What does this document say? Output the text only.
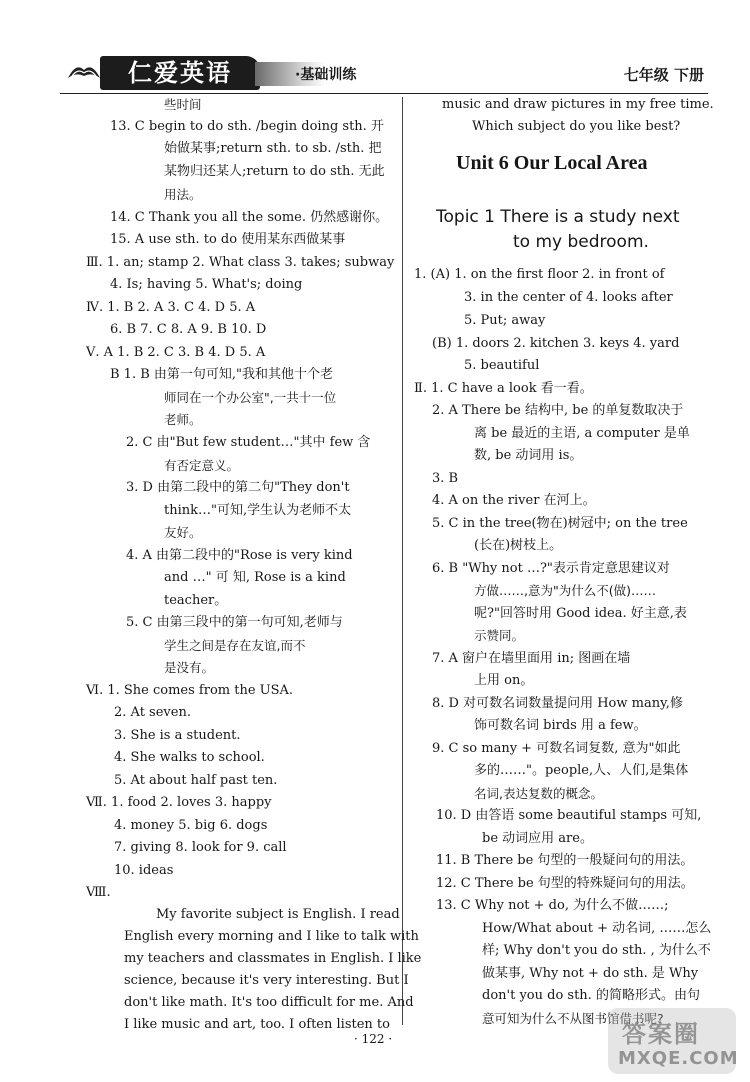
仁爱英语	·基础训练	七年级 下册
些时间
13. C begin to do sth. /begin doing sth. 开
始做某事;return sth. to sb. /sth. 把
某物归还某人;return to do sth. 无此
用法。
14. C Thank you all the some. 仍然感谢你。
15. A use sth. to do 使用某东西做某事
Ⅲ. 1. an; stamp 2. What class 3. takes; subway
4. Is; having 5. What's; doing
Ⅳ. 1. B 2. A 3. C 4. D 5. A
6. B 7. C 8. A 9. B 10. D
Ⅴ. A 1. B 2. C 3. B 4. D 5. A
B 1. B 由第一句可知,"我和其他十个老
师同在一个办公室",一共十一位
老师。
2. C 由"But few student…"其中 few 含
有否定意义。
3. D 由第二段中的第二句"They don't
think…"可知,学生认为老师不太
友好。
4. A 由第二段中的"Rose is very kind
and …" 可 知, Rose is a kind
teacher。
5. C 由第三段中的第一句可知,老师与
学生之间是存在友谊,而不
是没有。
Ⅵ. 1. She comes from the USA.
2. At seven.
3. She is a student.
4. She walks to school.
5. At about half past ten.
Ⅶ. 1. food 2. loves 3. happy
4. money 5. big 6. dogs
7. giving 8. look for 9. call
10. ideas
Ⅷ.
My favorite subject is English. I read
English every morning and I like to talk with
my teachers and classmates in English. I like
science, because it's very interesting. But I
don't like math. It's too difficult for me. And
I like music and art, too. I often listen to
music and draw pictures in my free time.
Which subject do you like best?
Unit 6 Our Local Area
Topic 1 There is a study next
to my bedroom.
1. (A) 1. on the first floor 2. in front of
3. in the center of 4. looks after
5. Put; away
(B) 1. doors 2. kitchen 3. keys 4. yard
5. beautiful
Ⅱ. 1. C have a look 看一看。
2. A There be 结构中, be 的单复数取决于
离 be 最近的主语, a computer 是单
数, be 动词用 is。
3. B
4. A on the river 在河上。
5. C in the tree(物在)树冠中; on the tree
(长在)树枝上。
6. B "Why not …?"表示肯定意思建议对
方做……,意为"为什么不(做)……
呢?"回答时用 Good idea. 好主意,表
示赞同。
7. A 窗户在墙里面用 in; 图画在墙
上用 on。
8. D 对可数名词数量提问用 How many,修
饰可数名词 birds 用 a few。
9. C so many + 可数名词复数, 意为"如此
多的……"。people,人、人们,是集体
名词,表达复数的概念。
10. D 由答语 some beautiful stamps 可知,
be 动词应用 are。
11. B There be 句型的一般疑问句的用法。
12. C There be 句型的特殊疑问句的用法。
13. C Why not + do, 为什么不做……;
How/What about + 动名词, ……怎么
样; Why don't you do sth. , 为什么不
做某事, Why not + do sth. 是 Why
don't you do sth. 的简略形式。由句
意可知为什么不从图书馆借书呢?
· 122 ·	答案圈
MXQE.COM
